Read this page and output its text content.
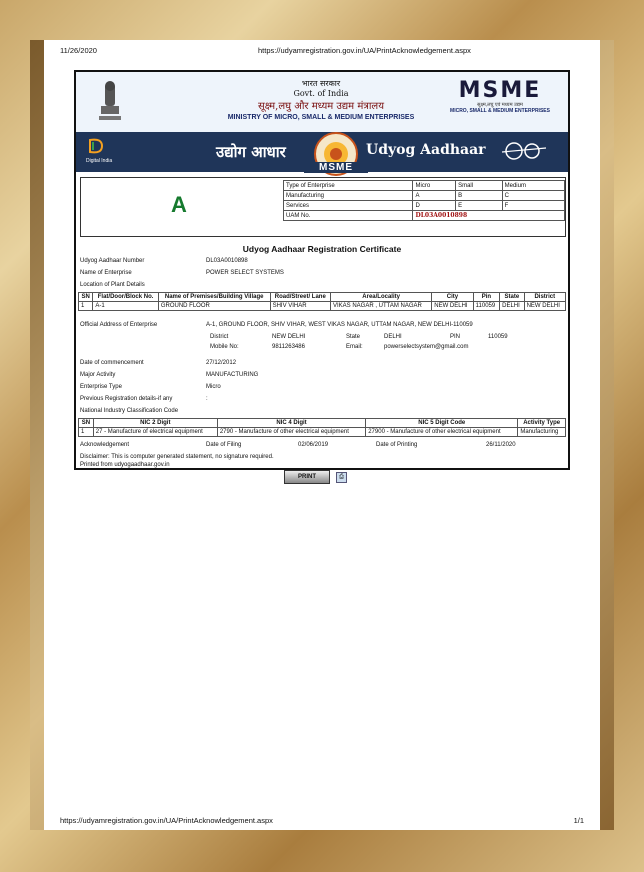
11/26/2020	https://udyamregistration.gov.in/UA/PrintAcknowledgement.aspx
भारत सरकार
Govt. of India
सूक्ष्म,लघु और मध्यम उद्यम मंत्रालय
MINISTRY OF MICRO, SMALL & MEDIUM ENTERPRISES
MSME
सूक्ष्म,लघु एवं मध्यम उद्यम
MICRO, SMALL & MEDIUM ENTERPRISES
Digital India	उद्योग आधार
MSME
Udyog Aadhaar
A
Type of Enterprise	Micro	Small	Medium
Manufacturing	A	B	C
Services	D	E	F
UAM No.	DL03A0010898		
Udyog Aadhaar Registration Certificate
Udyog Aadhaar Number	DL03A0010898
Name of Enterprise	POWER SELECT SYSTEMS
Location of Plant Details
SN	Flat/Door/Block No.	Name of Premises/Building Village	Road/Street/ Lane	Area/Locality	City	Pin	State	District
1	A-1	GROUND FLOOR	SHIV VIHAR	VIKAS NAGAR , UTTAM NAGAR	NEW DELHI	110059	DELHI	NEW DELHI
Official Address of Enterprise	A-1, GROUND FLOOR, SHIV VIHAR, WEST VIKAS NAGAR, UTTAM NAGAR, NEW DELHI-110059
District	NEW DELHI	State	DELHI	PIN	110059
Mobile No:	9811263486	Email:	powerselectsystem@gmail.com
Date of commencement	27/12/2012
Major Activity	MANUFACTURING
Enterprise Type	Micro
Previous Registration details-if any	:
National Industry Classification Code
SN	NIC 2 Digit	NIC 4 Digit	NIC 5 Digit Code	Activity Type
1	27 - Manufacture of electrical equipment	2790 - Manufacture of other electrical equipment	27900 - Manufacture of other electrical equipment	Manufacturing
Acknowledgement	Date of Filing	02/06/2019	Date of Printing	26/11/2020
Disclaimer: This is computer generated statement, no signature required.
Printed from udyogaadhaar.gov.in
PRINT	⎙
https://udyamregistration.gov.in/UA/PrintAcknowledgement.aspx	1/1
